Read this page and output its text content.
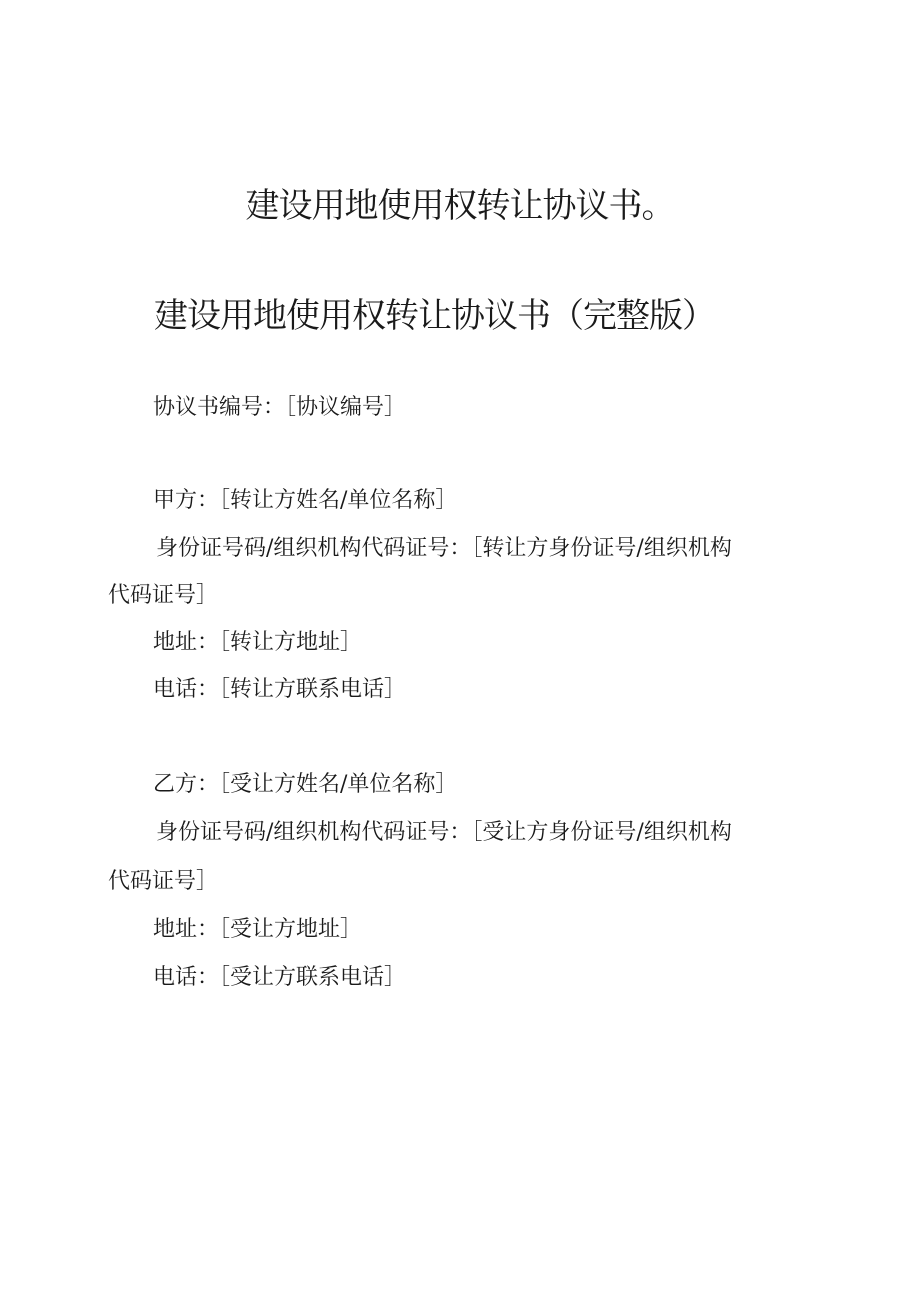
建设用地使用权转让协议书。
建设用地使用权转让协议书（完整版）

协议书编号：［协议编号］

甲方：［转让方姓名/单位名称］

身份证号码/组织机构代码证号：［转让方身份证号/组织机构

代码证号］

地址：［转让方地址］

电话：［转让方联系电话］

乙方：［受让方姓名/单位名称］

身份证号码/组织机构代码证号：［受让方身份证号/组织机构

代码证号］

地址：［受让方地址］

电话：［受让方联系电话］
